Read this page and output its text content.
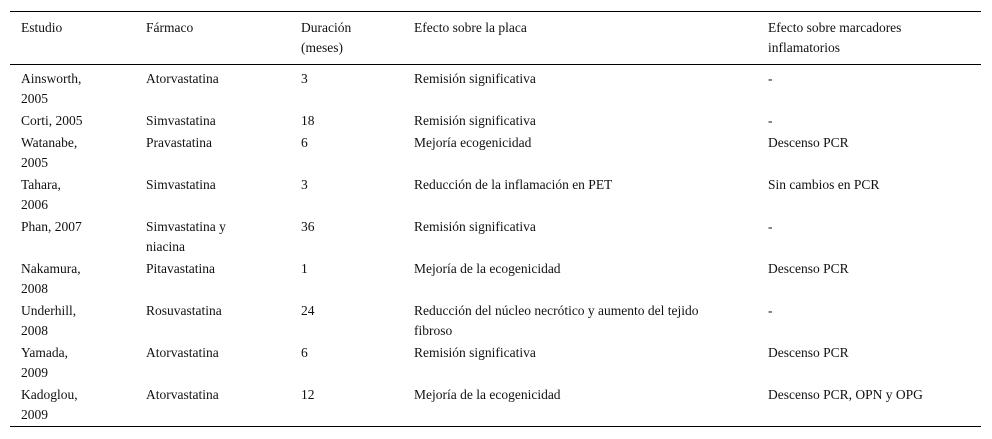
Estudio	Fármaco	Duración (meses)	Efecto sobre la placa	Efecto sobre marcadores inflamatorios
Ainsworth, 2005	Atorvastatina	3	Remisión significativa	-
Corti, 2005	Simvastatina	18	Remisión significativa	-
Watanabe, 2005	Pravastatina	6	Mejoría ecogenicidad	Descenso PCR
Tahara, 2006	Simvastatina	3	Reducción de la inflamación en PET	Sin cambios en PCR
Phan, 2007	Simvastatina y niacina	36	Remisión significativa	-
Nakamura, 2008	Pitavastatina	1	Mejoría de la ecogenicidad	Descenso PCR
Underhill, 2008	Rosuvastatina	24	Reducción del núcleo necrótico y aumento del tejido fibroso	-
Yamada, 2009	Atorvastatina	6	Remisión significativa	Descenso PCR
Kadoglou, 2009	Atorvastatina	12	Mejoría de la ecogenicidad	Descenso PCR, OPN y OPG
